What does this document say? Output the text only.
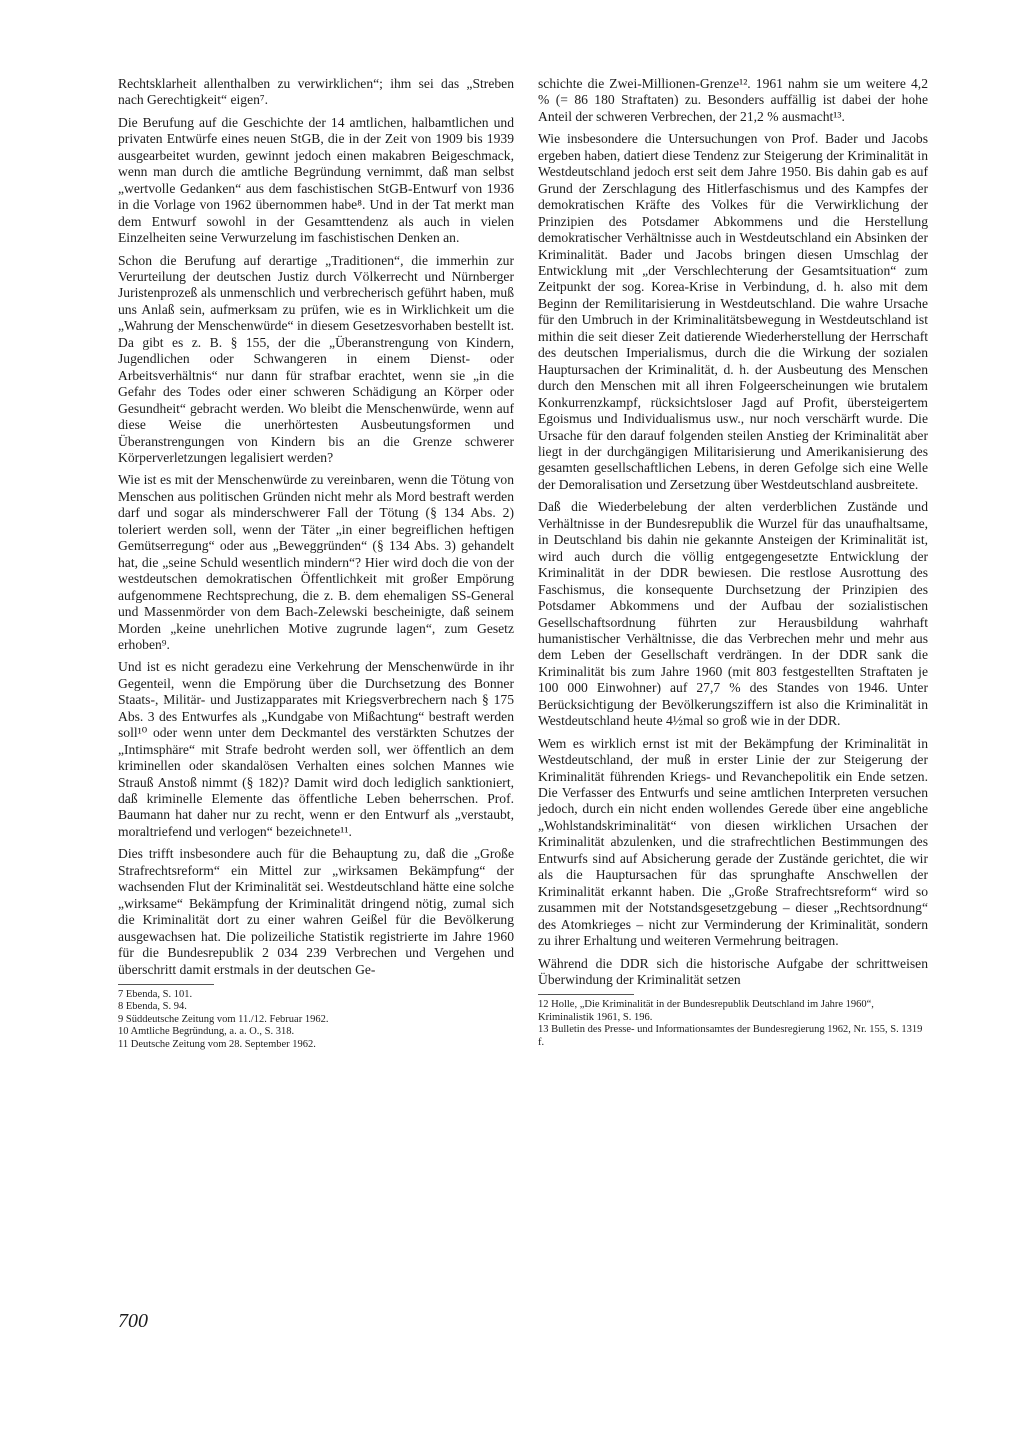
Rechtsklarheit allenthalben zu verwirklichen“; ihm sei das „Streben nach Gerechtigkeit“ eigen⁷.

Die Berufung auf die Geschichte der 14 amtlichen, halbamtlichen und privaten Entwürfe eines neuen StGB, die in der Zeit von 1909 bis 1939 ausgearbeitet wurden, gewinnt jedoch einen makabren Beigeschmack, wenn man durch die amtliche Begründung vernimmt, daß man selbst „wertvolle Gedanken“ aus dem faschistischen StGB-Entwurf von 1936 in die Vorlage von 1962 übernommen habe⁸. Und in der Tat merkt man dem Entwurf sowohl in der Gesamttendenz als auch in vielen Einzelheiten seine Verwurzelung im faschistischen Denken an.

Schon die Berufung auf derartige „Traditionen“, die immerhin zur Verurteilung der deutschen Justiz durch Völkerrecht und Nürnberger Juristenprozeß als unmenschlich und verbrecherisch geführt haben, muß uns Anlaß sein, aufmerksam zu prüfen, wie es in Wirklichkeit um die „Wahrung der Menschenwürde“ in diesem Gesetzesvorhaben bestellt ist. Da gibt es z. B. § 155, der die „Überanstrengung von Kindern, Jugendlichen oder Schwangeren in einem Dienst- oder Arbeitsverhältnis“ nur dann für strafbar erachtet, wenn sie „in die Gefahr des Todes oder einer schweren Schädigung an Körper oder Gesundheit“ gebracht werden. Wo bleibt die Menschenwürde, wenn auf diese Weise die unerhörtesten Ausbeutungsformen und Überanstrengungen von Kindern bis an die Grenze schwerer Körperverletzungen legalisiert werden?

Wie ist es mit der Menschenwürde zu vereinbaren, wenn die Tötung von Menschen aus politischen Gründen nicht mehr als Mord bestraft werden darf und sogar als minderschwerer Fall der Tötung (§ 134 Abs. 2) toleriert werden soll, wenn der Täter „in einer begreiflichen heftigen Gemütserregung“ oder aus „Beweggründen“ (§ 134 Abs. 3) gehandelt hat, die „seine Schuld wesentlich mindern“? Hier wird doch die von der westdeutschen demokratischen Öffentlichkeit mit großer Empörung aufgenommene Rechtsprechung, die z. B. dem ehemaligen SS-General und Massenmörder von dem Bach-Zelewski bescheinigte, daß seinem Morden „keine unehrlichen Motive zugrunde lagen“, zum Gesetz erhoben⁹.

Und ist es nicht geradezu eine Verkehrung der Menschenwürde in ihr Gegenteil, wenn die Empörung über die Durchsetzung des Bonner Staats-, Militär- und Justizapparates mit Kriegsverbrechern nach § 175 Abs. 3 des Entwurfes als „Kundgabe von Mißachtung“ bestraft werden soll¹⁰ oder wenn unter dem Deckmantel des verstärkten Schutzes der „Intimsphäre“ mit Strafe bedroht werden soll, wer öffentlich an dem kriminellen oder skandalösen Verhalten eines solchen Mannes wie Strauß Anstoß nimmt (§ 182)? Damit wird doch lediglich sanktioniert, daß kriminelle Elemente das öffentliche Leben beherrschen. Prof. Baumann hat daher nur zu recht, wenn er den Entwurf als „verstaubt, moraltriefend und verlogen“ bezeichnete¹¹.

Dies trifft insbesondere auch für die Behauptung zu, daß die „Große Strafrechtsreform“ ein Mittel zur „wirksamen Bekämpfung“ der wachsenden Flut der Kriminalität sei. Westdeutschland hätte eine solche „wirksame“ Bekämpfung der Kriminalität dringend nötig, zumal sich die Kriminalität dort zu einer wahren Geißel für die Bevölkerung ausgewachsen hat. Die polizeiliche Statistik registrierte im Jahre 1960 für die Bundesrepublik 2 034 239 Verbrechen und Vergehen und überschritt damit erstmals in der deutschen Ge-

7 Ebenda, S. 101.

8 Ebenda, S. 94.

9 Süddeutsche Zeitung vom 11./12. Februar 1962.

10 Amtliche Begründung, a. a. O., S. 318.

11 Deutsche Zeitung vom 28. September 1962.

schichte die Zwei-Millionen-Grenze¹². 1961 nahm sie um weitere 4,2 % (= 86 180 Straftaten) zu. Besonders auffällig ist dabei der hohe Anteil der schweren Verbrechen, der 21,2 % ausmacht¹³.

Wie insbesondere die Untersuchungen von Prof. Bader und Jacobs ergeben haben, datiert diese Tendenz zur Steigerung der Kriminalität in Westdeutschland jedoch erst seit dem Jahre 1950. Bis dahin gab es auf Grund der Zerschlagung des Hitlerfaschismus und des Kampfes der demokratischen Kräfte des Volkes für die Verwirklichung der Prinzipien des Potsdamer Abkommens und die Herstellung demokratischer Verhältnisse auch in Westdeutschland ein Absinken der Kriminalität. Bader und Jacobs bringen diesen Umschlag der Entwicklung mit „der Verschlechterung der Gesamtsituation“ zum Zeitpunkt der sog. Korea-Krise in Verbindung, d. h. also mit dem Beginn der Remilitarisierung in Westdeutschland. Die wahre Ursache für den Umbruch in der Kriminalitätsbewegung in Westdeutschland ist mithin die seit dieser Zeit datierende Wiederherstellung der Herrschaft des deutschen Imperialismus, durch die die Wirkung der sozialen Hauptursachen der Kriminalität, d. h. der Ausbeutung des Menschen durch den Menschen mit all ihren Folgeerscheinungen wie brutalem Konkurrenzkampf, rücksichtsloser Jagd auf Profit, übersteigertem Egoismus und Individualismus usw., nur noch verschärft wurde. Die Ursache für den darauf folgenden steilen Anstieg der Kriminalität aber liegt in der durchgängigen Militarisierung und Amerikanisierung des gesamten gesellschaftlichen Lebens, in deren Gefolge sich eine Welle der Demoralisation und Zersetzung über Westdeutschland ausbreitete.

Daß die Wiederbelebung der alten verderblichen Zustände und Verhältnisse in der Bundesrepublik die Wurzel für das unaufhaltsame, in Deutschland bis dahin nie gekannte Ansteigen der Kriminalität ist, wird auch durch die völlig entgegengesetzte Entwicklung der Kriminalität in der DDR bewiesen. Die restlose Ausrottung des Faschismus, die konsequente Durchsetzung der Prinzipien des Potsdamer Abkommens und der Aufbau der sozialistischen Gesellschaftsordnung führten zur Herausbildung wahrhaft humanistischer Verhältnisse, die das Verbrechen mehr und mehr aus dem Leben der Gesellschaft verdrängen. In der DDR sank die Kriminalität bis zum Jahre 1960 (mit 803 festgestellten Straftaten je 100 000 Einwohner) auf 27,7 % des Standes von 1946. Unter Berücksichtigung der Bevölkerungsziffern ist also die Kriminalität in Westdeutschland heute 4½mal so groß wie in der DDR.

Wem es wirklich ernst ist mit der Bekämpfung der Kriminalität in Westdeutschland, der muß in erster Linie der zur Steigerung der Kriminalität führenden Kriegs- und Revanchepolitik ein Ende setzen. Die Verfasser des Entwurfs und seine amtlichen Interpreten versuchen jedoch, durch ein nicht enden wollendes Gerede über eine angebliche „Wohlstandskriminalität“ von diesen wirklichen Ursachen der Kriminalität abzulenken, und die strafrechtlichen Bestimmungen des Entwurfs sind auf Absicherung gerade der Zustände gerichtet, die wir als die Hauptursachen für das sprunghafte Anschwellen der Kriminalität erkannt haben. Die „Große Strafrechtsreform“ wird so zusammen mit der Notstandsgesetzgebung – dieser „Rechtsordnung“ des Atomkrieges – nicht zur Verminderung der Kriminalität, sondern zu ihrer Erhaltung und weiteren Vermehrung beitragen.

Während die DDR sich die historische Aufgabe der schrittweisen Überwindung der Kriminalität setzen

12 Holle, „Die Kriminalität in der Bundesrepublik Deutschland im Jahre 1960“, Kriminalistik 1961, S. 196.

13 Bulletin des Presse- und Informationsamtes der Bundesregierung 1962, Nr. 155, S. 1319 f.

700
